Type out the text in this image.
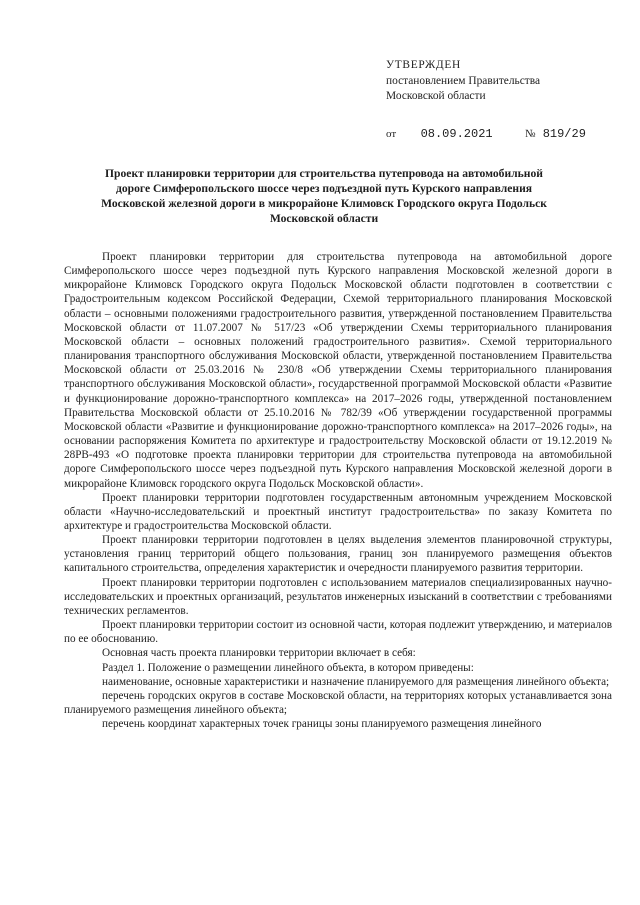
УТВЕРЖДЕН
постановлением Правительства
Московской области
от 08.09.2021	№ 819/29
Проект планировки территории для строительства путепровода на автомобильной
дороге Симферопольского шоссе через подъездной путь Курского направления
Московской железной дороги в микрорайоне Климовск Городского округа Подольск
Московской области

Проект планировки территории для строительства путепровода на автомобильной дороге Симферопольского шоссе через подъездной путь Курского направления Московской железной дороги в микрорайоне Климовск Городского округа Подольск Московской области подготовлен в соответствии с Градостроительным кодексом Российской Федерации, Схемой территориального планирования Московской области – основными положениями градостроительного развития, утвержденной постановлением Правительства Московской области от 11.07.2007 № 517/23 «Об утверждении Схемы территориального планирования Московской области – основных положений градостроительного развития». Схемой территориального планирования транспортного обслуживания Московской области, утвержденной постановлением Правительства Московской области от 25.03.2016 № 230/8 «Об утверждении Схемы территориального планирования транспортного обслуживания Московской области», государственной программой Московской области «Развитие и функционирование дорожно-транспортного комплекса» на 2017–2026 годы, утвержденной постановлением Правительства Московской области от 25.10.2016 № 782/39 «Об утверждении государственной программы Московской области «Развитие и функционирование дорожно-транспортного комплекса» на 2017–2026 годы», на основании распоряжения Комитета по архитектуре и градостроительству Московской области от 19.12.2019 № 28РВ-493 «О подготовке проекта планировки территории для строительства путепровода на автомобильной дороге Симферопольского шоссе через подъездной путь Курского направления Московской железной дороги в микрорайоне Климовск городского округа Подольск Московской области».

Проект планировки территории подготовлен государственным автономным учреждением Московской области «Научно-исследовательский и проектный институт градостроительства» по заказу Комитета по архитектуре и градостроительства Московской области.

Проект планировки территории подготовлен в целях выделения элементов планировочной структуры, установления границ территорий общего пользования, границ зон планируемого размещения объектов капитального строительства, определения характеристик и очередности планируемого развития территории.

Проект планировки территории подготовлен с использованием материалов специализированных научно-исследовательских и проектных организаций, результатов инженерных изысканий в соответствии с требованиями технических регламентов.

Проект планировки территории состоит из основной части, которая подлежит утверждению, и материалов по ее обоснованию.

Основная часть проекта планировки территории включает в себя:

Раздел 1. Положение о размещении линейного объекта, в котором приведены:

наименование, основные характеристики и назначение планируемого для размещения линейного объекта;

перечень городских округов в составе Московской области, на территориях которых устанавливается зона планируемого размещения линейного объекта;

перечень координат характерных точек границы зоны планируемого размещения линейного
